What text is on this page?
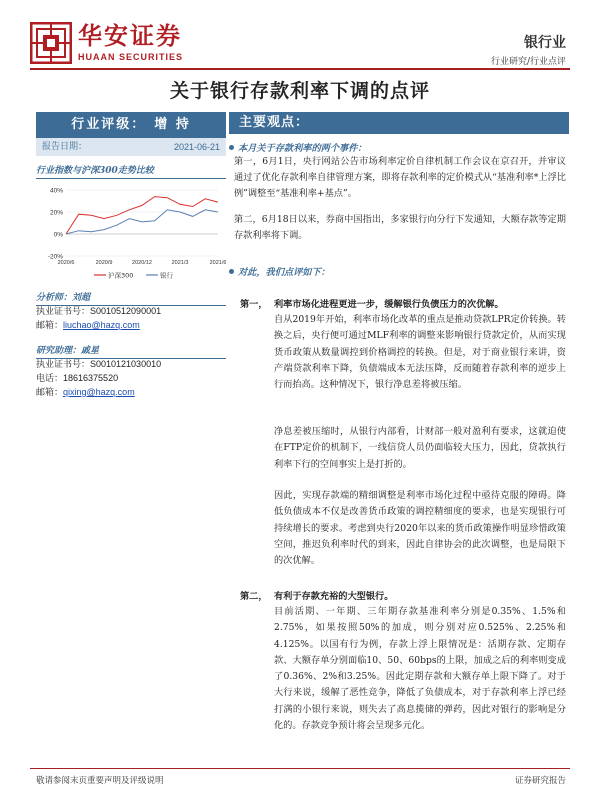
华安证券
HUAAN SECURITIES
银行业
行业研究/行业点评
关于银行存款利率下调的点评
行业评级： 增 持
报告日期：	2021-06-21
行业指数与沪深300走势比较
40%
20%
0%
-20%
2020/6	2020/9	2020/12	2021/3	2021/6
沪深300	银行
分析师：刘超
执业证书号：S0010512090001
邮箱：liuchao@hazq.com
研究助理：戚星
执业证书号：S0010121030010
电话：18616375520
邮箱：qixing@hazq.com
主要观点：
本月关于存款利率的两个事件：
第一，6月1日，央行网站公告市场利率定价自律机制工作会议在京召开，并审议通过了优化存款利率自律管理方案，即将存款利率的定价模式从“基准利率*上浮比例”调整至“基准利率+基点”。
第二，6月18日以来，券商中国指出，多家银行向分行下发通知，大额存款等定期存款利率将下调。
对此，我们点评如下：
第一， 利率市场化进程更进一步，缓解银行负债压力的次优解。
自从2019年开始，利率市场化改革的重点是推动贷款LPR定价转换。转换之后，央行便可通过MLF利率的调整来影响银行贷款定价，从而实现货币政策从数量调控到价格调控的转换。但是，对于商业银行来讲，资产端贷款利率下降，负债端成本无法压降，反而随着存款利率的逆步上行而抬高。这种情况下，银行净息差将被压缩。
净息差被压缩时，从银行内部看，计财部一般对盈利有要求，这就迫使在FTP定价的机制下，一线信贷人员仍面临较大压力，因此，贷款执行利率下行的空间事实上是打折的。
因此，实现存款端的精细调整是利率市场化过程中亟待克服的障碍。降低负债成本不仅是改善货币政策的调控精细度的要求，也是实现银行可持续增长的要求。考虑到央行2020年以来的货币政策操作明显珍惜政策空间，推迟负利率时代的到来，因此自律协会的此次调整，也是局限下的次优解。
第二， 有利于存款充裕的大型银行。
目前活期、一年期、三年期存款基准利率分别是0.35%、1.5%和2.75%，如果按照50%的加成，则分别对应0.525%、2.25%和4.125%。以国有行为例，存款上浮上限情况是：活期存款、定期存款、大额存单分别面临10、50、60bps的上限，加成之后的利率则变成了0.36%、2%和3.25%。因此定期存款和大额存单上限下降了。对于大行来说，缓解了恶性竞争，降低了负债成本，对于存款利率上浮已经打满的小银行来说，则失去了高息揽储的弹药，因此对银行的影响是分化的。存款竞争预计将会呈现多元化。
敬请参阅末页重要声明及评级说明	证券研究报告
